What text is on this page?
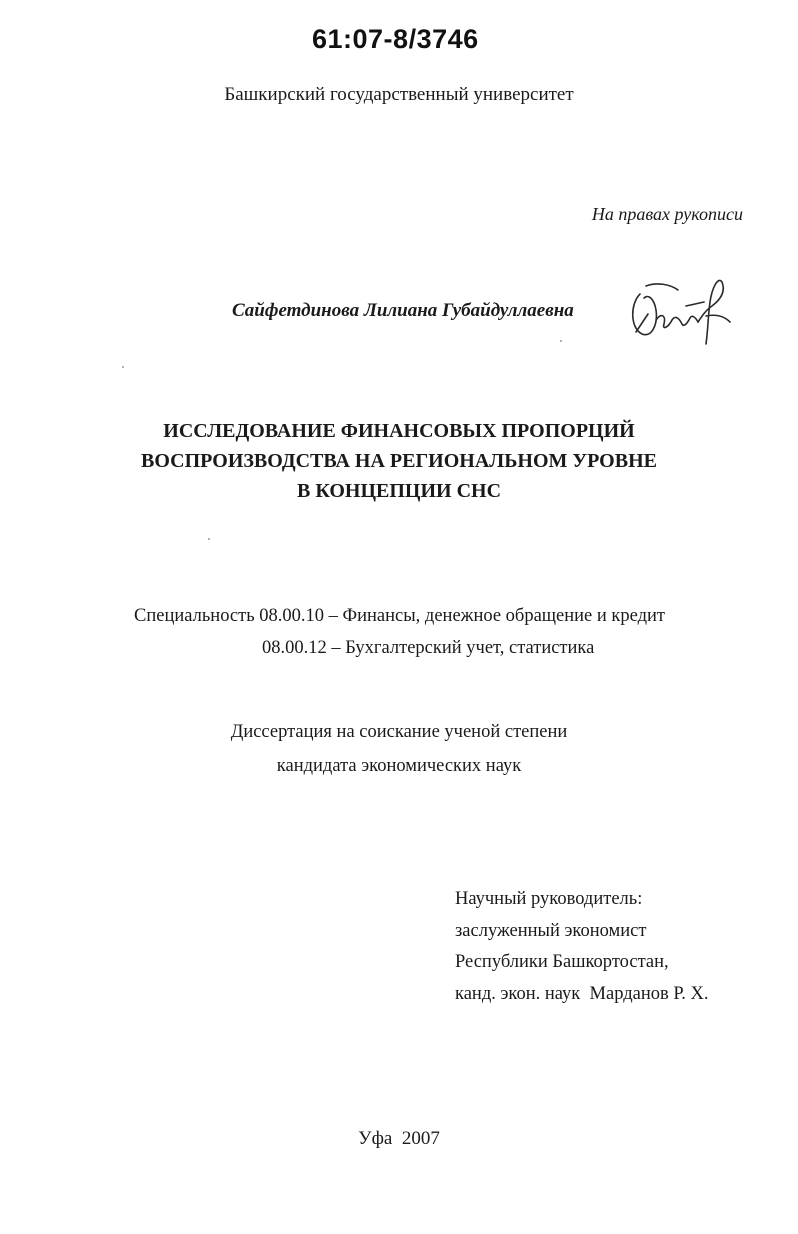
61:07-8/3746
Башкирский государственный университет
На правах рукописи
Сайфетдинова Лилиана Губайдуллаевна
ИССЛЕДОВАНИЕ ФИНАНСОВЫХ ПРОПОРЦИЙ
ВОСПРОИЗВОДСТВА НА РЕГИОНАЛЬНОМ УРОВНЕ
В КОНЦЕПЦИИ СНС
Специальность 08.00.10 – Финансы, денежное обращение и кредит
08.00.12 – Бухгалтерский учет, статистика
Диссертация на соискание ученой степени
кандидата экономических наук
Научный руководитель:
заслуженный экономист
Республики Башкортостан,
канд. экон. наук  Марданов Р. Х.
Уфа  2007
